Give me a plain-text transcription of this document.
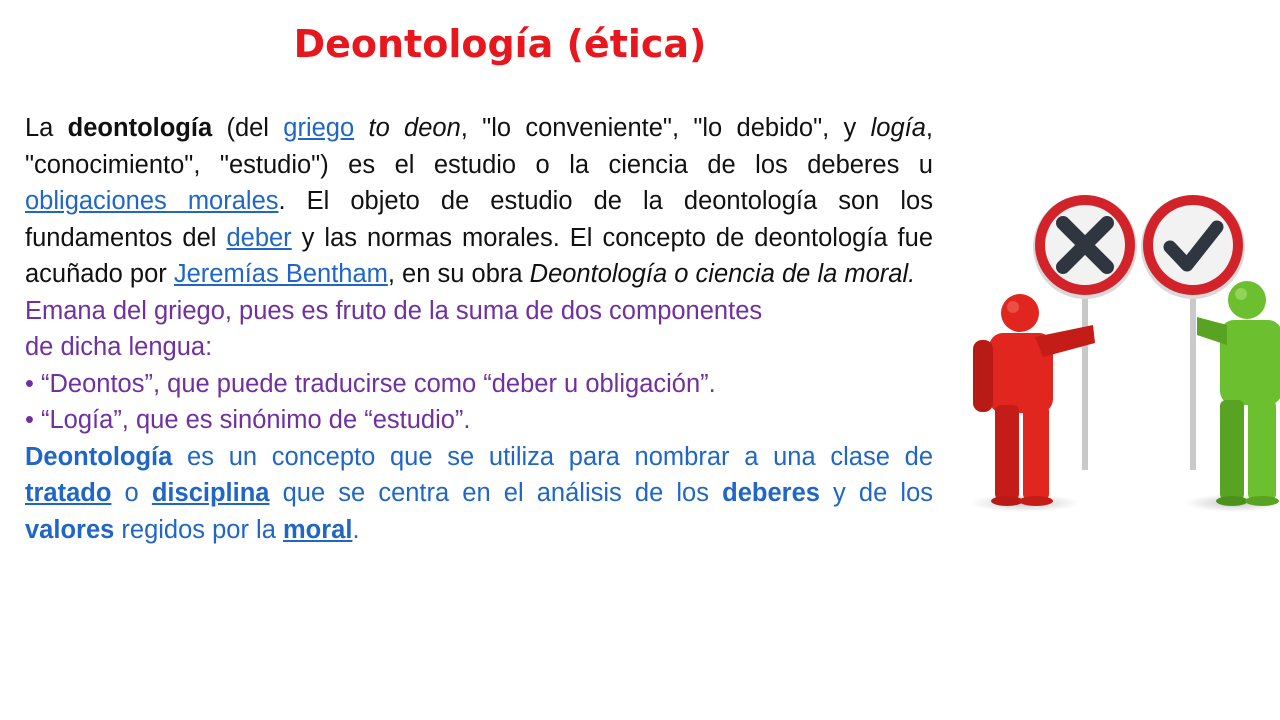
Deontología (ética)

La deontología (del griego to deon, "lo conveniente", "lo debido", y logía, "conocimiento", "estudio") es el estudio o la ciencia de los deberes u obligaciones morales. El objeto de estudio de la deontología son los fundamentos del deber y las normas morales. El concepto de deontología fue acuñado por Jeremías Bentham, en su obra Deontología o ciencia de la moral.

Emana del griego, pues es fruto de la suma de dos componentes de dicha lengua:

• “Deontos”, que puede traducirse como “deber u obligación”.

• “Logía”, que es sinónimo de “estudio”.

Deontología es un concepto que se utiliza para nombrar a una clase de tratado o disciplina que se centra en el análisis de los deberes y de los valores regidos por la moral.
